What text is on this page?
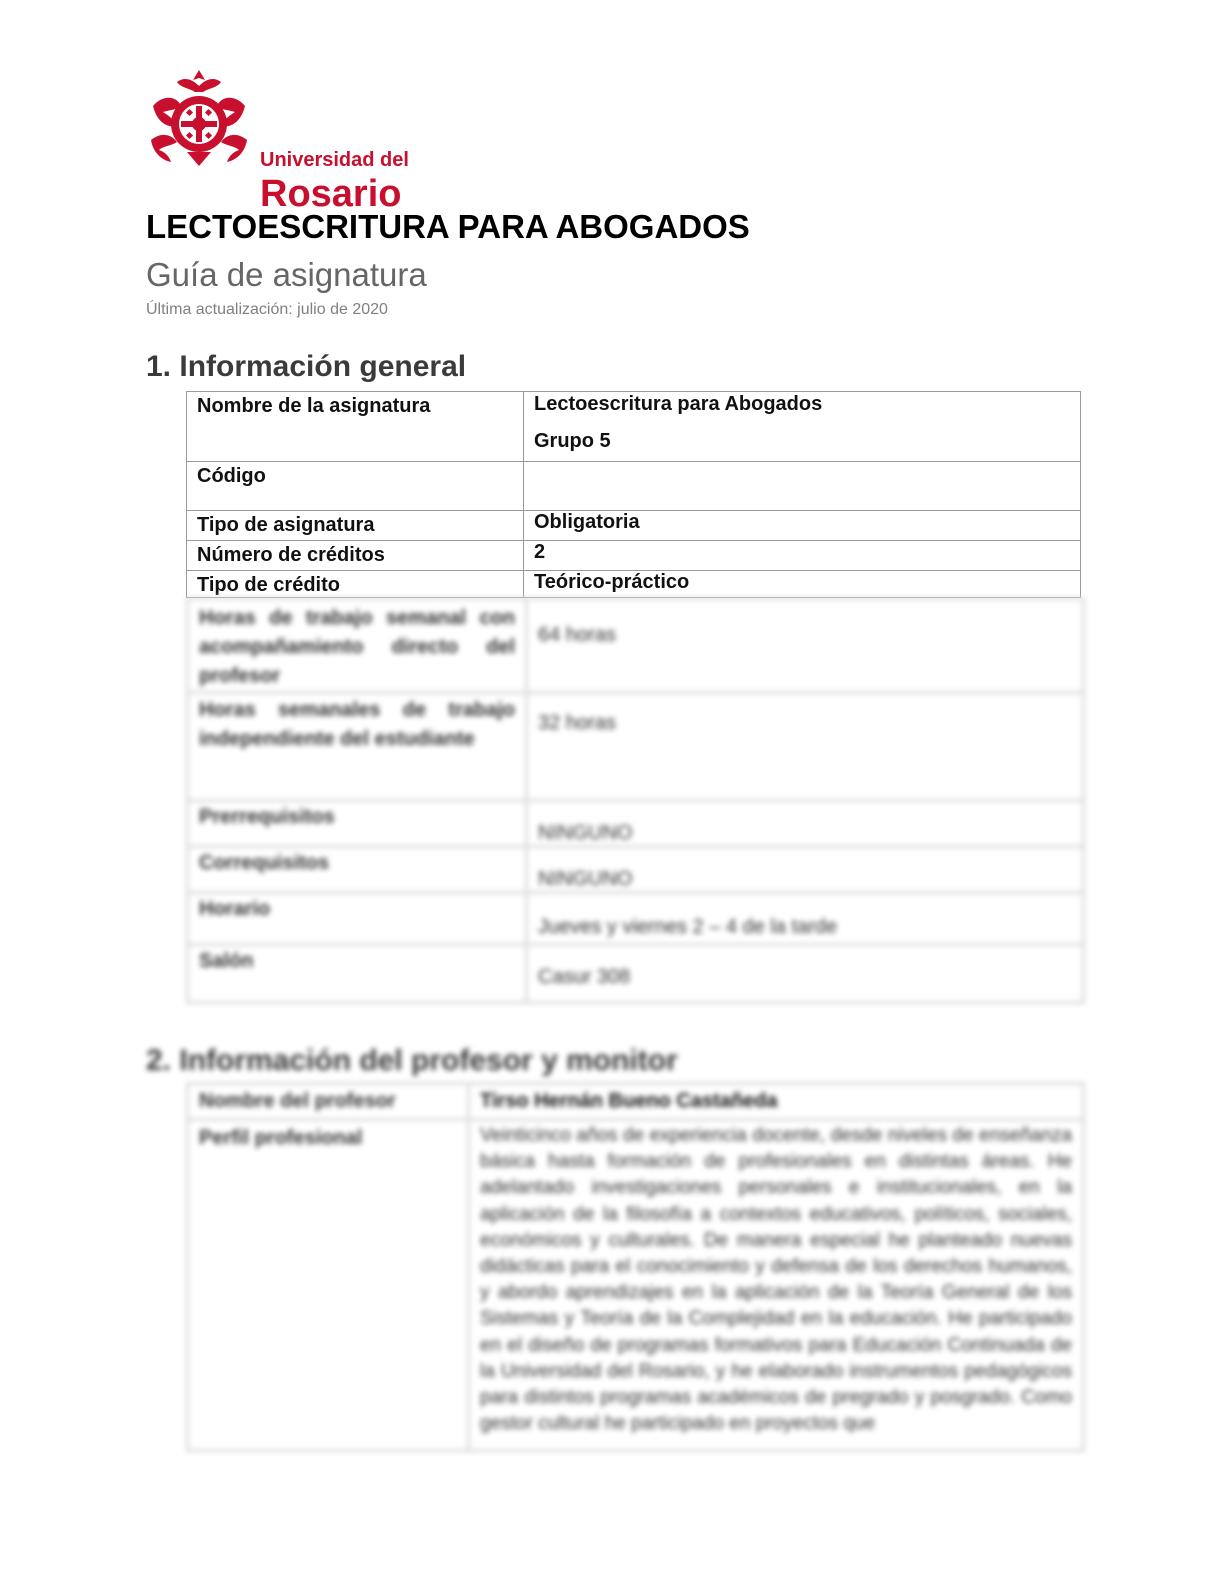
Universidad del
Rosario
LECTOESCRITURA PARA ABOGADOS
Guía de asignatura
Última actualización: julio de 2020
1. Información general
Nombre de la asignatura	Lectoescritura para Abogados
Grupo 5

Código	
Tipo de asignatura	Obligatoria
Número de créditos	2
Tipo de crédito	Teórico-práctico
Horas de trabajo semanal con acompañamiento directo del profesor	64 horas
Horas semanales de trabajo independiente del estudiante	32 horas
Prerrequisitos	NINGUNO
Correquisitos	NINGUNO
Horario	Jueves y viernes 2 – 4 de la tarde
Salón	Casur 308
2. Información del profesor y monitor
Nombre del profesor	Tirso Hernán Bueno Castañeda
Perfil profesional	Veinticinco años de experiencia docente, desde niveles de enseñanza básica hasta formación de profesionales en distintas áreas. He adelantado investigaciones personales e institucionales, en la aplicación de la filosofía a contextos educativos, políticos, sociales, económicos y culturales. De manera especial he planteado nuevas didácticas para el conocimiento y defensa de los derechos humanos, y abordo aprendizajes en la aplicación de la Teoría General de los Sistemas y Teoría de la Complejidad en la educación. He participado en el diseño de programas formativos para Educación Continuada de la Universidad del Rosario, y he elaborado instrumentos pedagógicos para distintos programas académicos de pregrado y posgrado. Como gestor cultural he participado en proyectos que
